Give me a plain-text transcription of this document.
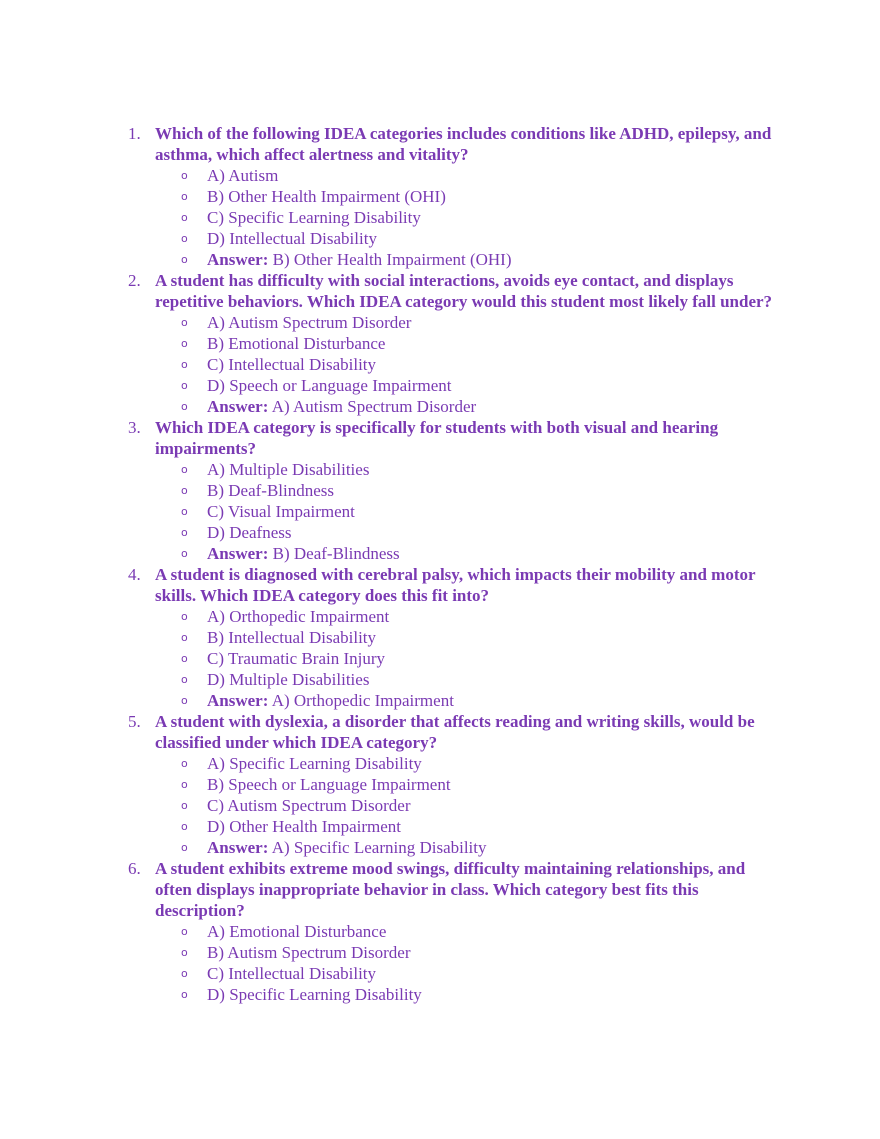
1. Which of the following IDEA categories includes conditions like ADHD, epilepsy, and asthma, which affect alertness and vitality?
o A) Autism
o B) Other Health Impairment (OHI)
o C) Specific Learning Disability
o D) Intellectual Disability
o Answer: B) Other Health Impairment (OHI)
2. A student has difficulty with social interactions, avoids eye contact, and displays repetitive behaviors. Which IDEA category would this student most likely fall under?
o A) Autism Spectrum Disorder
o B) Emotional Disturbance
o C) Intellectual Disability
o D) Speech or Language Impairment
o Answer: A) Autism Spectrum Disorder
3. Which IDEA category is specifically for students with both visual and hearing impairments?
o A) Multiple Disabilities
o B) Deaf-Blindness
o C) Visual Impairment
o D) Deafness
o Answer: B) Deaf-Blindness
4. A student is diagnosed with cerebral palsy, which impacts their mobility and motor skills. Which IDEA category does this fit into?
o A) Orthopedic Impairment
o B) Intellectual Disability
o C) Traumatic Brain Injury
o D) Multiple Disabilities
o Answer: A) Orthopedic Impairment
5. A student with dyslexia, a disorder that affects reading and writing skills, would be classified under which IDEA category?
o A) Specific Learning Disability
o B) Speech or Language Impairment
o C) Autism Spectrum Disorder
o D) Other Health Impairment
o Answer: A) Specific Learning Disability
6. A student exhibits extreme mood swings, difficulty maintaining relationships, and often displays inappropriate behavior in class. Which category best fits this description?
o A) Emotional Disturbance
o B) Autism Spectrum Disorder
o C) Intellectual Disability
o D) Specific Learning Disability
